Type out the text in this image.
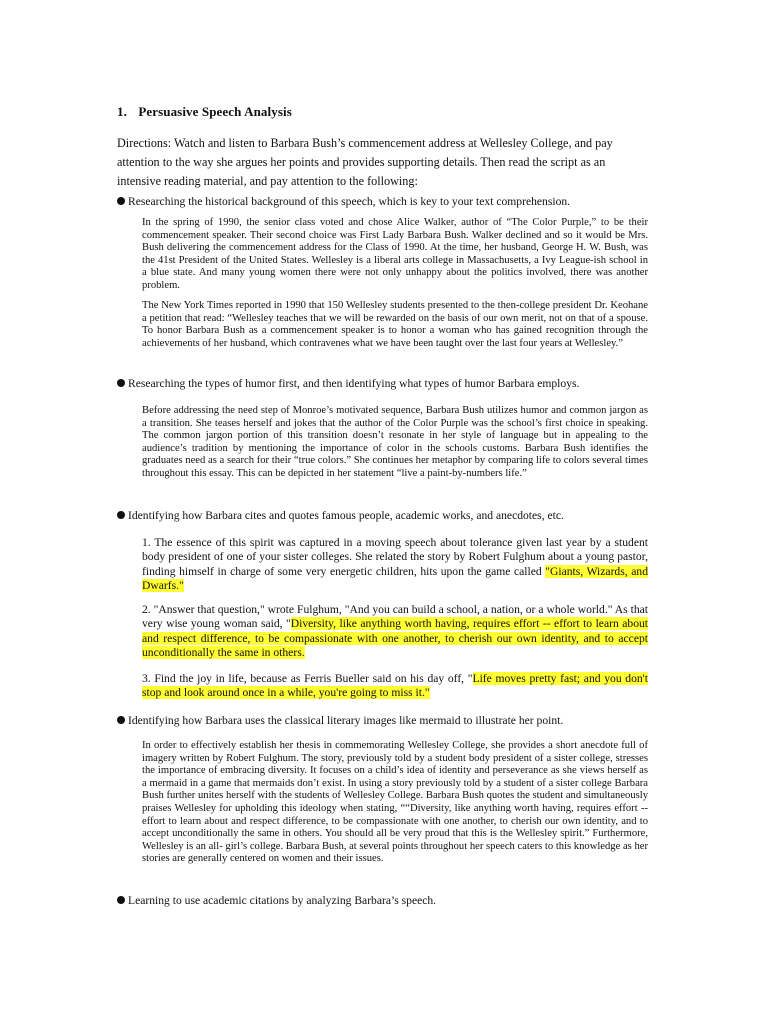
1. Persuasive Speech Analysis
Directions: Watch and listen to Barbara Bush’s commencement address at Wellesley College, and pay attention to the way she argues her points and provides supporting details. Then read the script as an intensive reading material, and pay attention to the following:
Researching the historical background of this speech, which is key to your text comprehension.
In the spring of 1990, the senior class voted and chose Alice Walker, author of “The Color Purple,” to be their commencement speaker. Their second choice was First Lady Barbara Bush. Walker declined and so it would be Mrs. Bush delivering the commencement address for the Class of 1990. At the time, her husband, George H. W. Bush, was the 41st President of the United States. Wellesley is a liberal arts college in Massachusetts, a Ivy League-ish school in a blue state. And many young women there were not only unhappy about the politics involved, there was another problem.
The New York Times reported in 1990 that 150 Wellesley students presented to the then-college president Dr. Keohane a petition that read: “Wellesley teaches that we will be rewarded on the basis of our own merit, not on that of a spouse. To honor Barbara Bush as a commencement speaker is to honor a woman who has gained recognition through the achievements of her husband, which contravenes what we have been taught over the last four years at Wellesley.”
Researching the types of humor first, and then identifying what types of humor Barbara employs.
Before addressing the need step of Monroe’s motivated sequence, Barbara Bush utilizes humor and common jargon as a transition. She teases herself and jokes that the author of the Color Purple was the school’s first choice in speaking. The common jargon portion of this transition doesn’t resonate in her style of language but in appealing to the audience’s tradition by mentioning the importance of color in the schools customs. Barbara Bush identifies the graduates need as a search for their “true colors.” She continues her metaphor by comparing life to colors several times throughout this essay. This can be depicted in her statement “live a paint-by-numbers life.”
Identifying how Barbara cites and quotes famous people, academic works, and anecdotes, etc.
1. The essence of this spirit was captured in a moving speech about tolerance given last year by a student body president of one of your sister colleges. She related the story by Robert Fulghum about a young pastor, finding himself in charge of some very energetic children, hits upon the game called "Giants, Wizards, and Dwarfs."
2. "Answer that question," wrote Fulghum, "And you can build a school, a nation, or a whole world." As that very wise young woman said, "Diversity, like anything worth having, requires effort -- effort to learn about and respect difference, to be compassionate with one another, to cherish our own identity, and to accept unconditionally the same in others.
3. Find the joy in life, because as Ferris Bueller said on his day off, "Life moves pretty fast; and you don't stop and look around once in a while, you're going to miss it."
Identifying how Barbara uses the classical literary images like mermaid to illustrate her point.
In order to effectively establish her thesis in commemorating Wellesley College, she provides a short anecdote full of imagery written by Robert Fulghum. The story, previously told by a student body president of a sister college, stresses the importance of embracing diversity. It focuses on a child’s idea of identity and perseverance as she views herself as a mermaid in a game that mermaids don’t exist. In using a story previously told by a student of a sister college Barbara Bush further unites herself with the students of Wellesley College. Barbara Bush quotes the student and simultaneously praises Wellesley for upholding this ideology when stating, ““Diversity, like anything worth having, requires effort -- effort to learn about and respect difference, to be compassionate with one another, to cherish our own identity, and to accept unconditionally the same in others. You should all be very proud that this is the Wellesley spirit.” Furthermore, Wellesley is an all- girl’s college. Barbara Bush, at several points throughout her speech caters to this knowledge as her stories are generally centered on women and their issues.
Learning to use academic citations by analyzing Barbara’s speech.
